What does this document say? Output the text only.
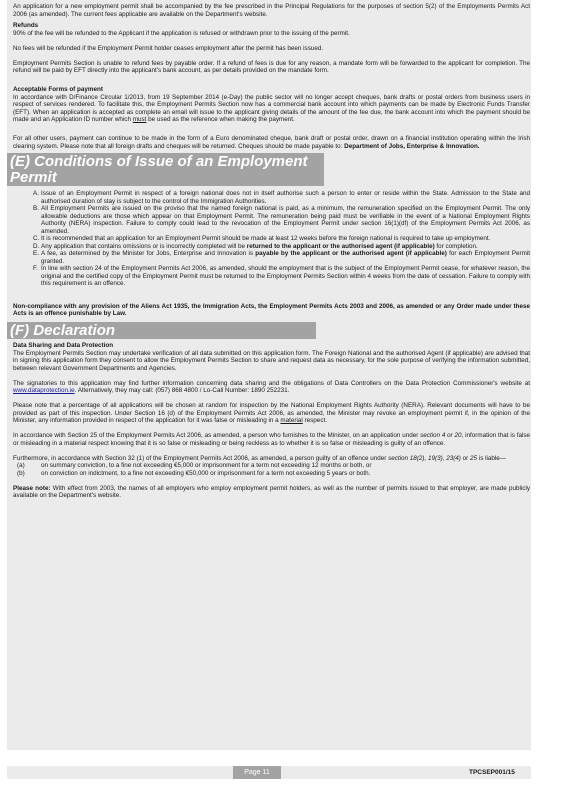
An application for a new employment permit shall be accompanied by the fee prescribed in the Principal Regulations for the purposes of section 5(2) of the Employments Permits Act 2006 (as amended). The current fees applicable are available on the Department's website.

Refunds

90% of the fee will be refunded to the Applicant if the application is refused or withdrawn prior to the issuing of the permit.

No fees will be refunded if the Employment Permit holder ceases employment after the permit has been issued.

Employment Permits Section is unable to refund fees by payable order. If a refund of fees is due for any reason, a mandate form will be forwarded to the applicant for completion. The refund will be paid by EFT directly into the applicant's bank account, as per details provided on the mandate form.

Acceptable Forms of payment

In accordance with D/Finance Circular 1/2013, from 19 September 2014 (e-Day) the public sector will no longer accept cheques, bank drafts or postal orders from business users in respect of services rendered. To facilitate this, the Employment Permits Section now has a commercial bank account into which payments can be made by Electronic Funds Transfer (EFT). When an application is accepted as complete an email will issue to the applicant giving details of the amount of the fee due, the bank account into which the payment should be made and an Application ID number which must be used as the reference when making the payment.

For all other users, payment can continue to be made in the form of a Euro denominated cheque, bank draft or postal order, drawn on a financial institution operating within the Irish clearing system. Please note that all foreign drafts and cheques will be returned. Cheques should be made payable to: Department of Jobs, Enterprise & Innovation.

(E) Conditions of Issue of an Employment Permit
A. Issue of an Employment Permit in respect of a foreign national does not in itself authorise such a person to enter or reside within the State. Admission to the State and authorised duration of stay is subject to the control of the Immigration Authorities.
B. All Employment Permits are issued on the proviso that the named foreign national is paid, as a minimum, the remuneration specified on the Employment Permit. The only allowable deductions are those which appear on that Employment Permit. The remuneration being paid must be verifiable in the event of a National Employment Rights Authority (NERA) inspection. Failure to comply could lead to the revocation of the Employment Permit under section 16(1)(df) of the Employment Permits Act 2006, as amended.
C. It is recommended that an application for an Employment Permit should be made at least 12 weeks before the foreign national is required to take up employment.
D. Any application that contains omissions or is incorrectly completed will be returned to the applicant or the authorised agent (if applicable) for completion.
E. A fee, as determined by the Minister for Jobs, Enterprise and Innovation is payable by the applicant or the authorised agent (if applicable) for each Employment Permit granted.
F. In line with section 24 of the Employment Permits Act 2006, as amended, should the employment that is the subject of the Employment Permit cease, for whatever reason, the original and the certified copy of the Employment Permit must be returned to the Employment Permits Section within 4 weeks from the date of cessation. Failure to comply with this requirement is an offence.

Non-compliance with any provision of the Aliens Act 1935, the Immigration Acts, the Employment Permits Acts 2003 and 2006, as amended or any Order made under these Acts is an offence punishable by Law.

(F) Declaration

Data Sharing and Data Protection

The Employment Permits Section may undertake verification of all data submitted on this application form. The Foreign National and the authorised Agent (if applicable) are advised that in signing this application form they consent to allow the Employment Permits Section to share and request data as necessary, for the sole purpose of verifying the information submitted, between relevant Government Departments and Agencies.

The signatories to this application may find further information concerning data sharing and the obligations of Data Controllers on the Data Protection Commissioner's website at www.dataprotection.ie. Alternatively, they may call: (057) 868 4800 / Lo-Call Number: 1890 252231.

Please note that a percentage of all applications will be chosen at random for inspection by the National Employment Rights Authority (NERA). Relevant documents will have to be provided as part of this inspection. Under Section 16 (d) of the Employment Permits Act 2006, as amended, the Minister may revoke an employment permit if, in the opinion of the Minister, any information provided in respect of the application for it was false or misleading in a material respect.

In accordance with Section 25 of the Employment Permits Act 2006, as amended, a person who furnishes to the Minister, on an application under section 4 or 20, information that is false or misleading in a material respect knowing that it is so false or misleading or being reckless as to whether it is so false or misleading is guilty of an offence.

Furthermore, in accordance with Section 32 (1) of the Employment Permits Act 2006, as amended, a person guilty of an offence under section 18(2), 19(3), 23(4) or 25 is liable—

(a)	on summary conviction, to a fine not exceeding €5,000 or imprisonment for a term not exceeding 12 months or both, or
(b)	on conviction on indictment, to a fine not exceeding €50,000 or imprisonment for a term not exceeding 5 years or both.

Please note: With effect from 2003, the names of all employers who employ employment permit holders, as well as the number of permits issued to that employer, are made publicly available on the Department's website.

Page 11	TPCSEP001/15
